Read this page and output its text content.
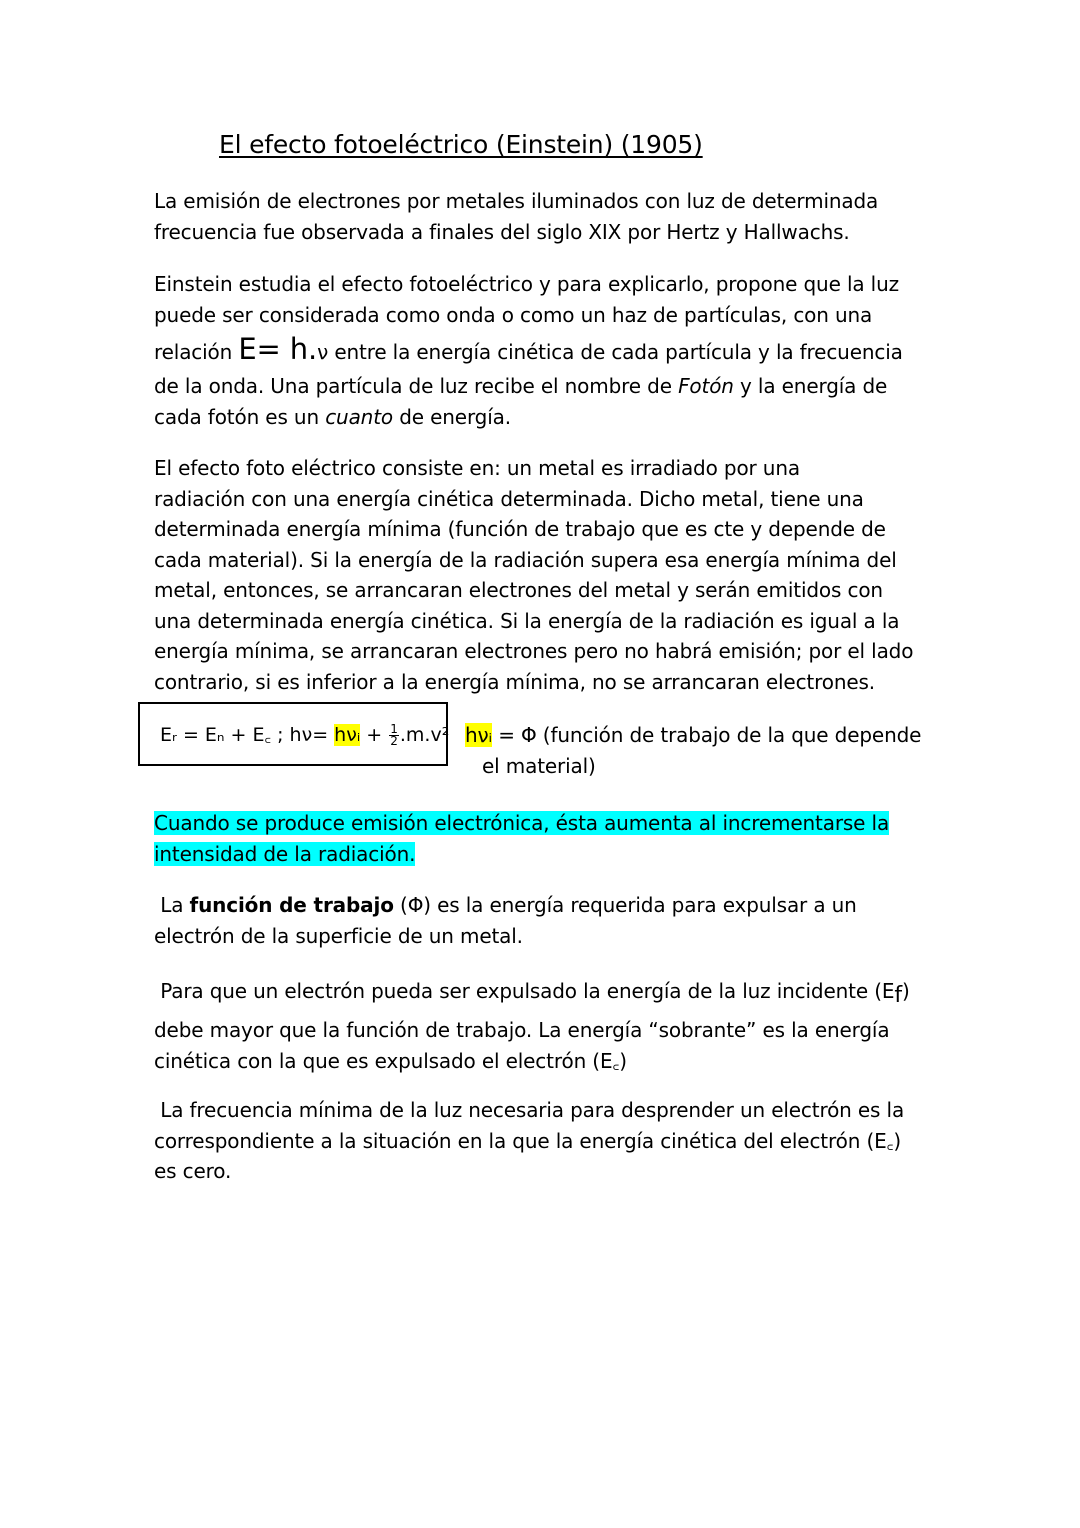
El efecto fotoeléctrico (Einstein) (1905)
La emisión de electrones por metales iluminados con luz de determinada
frecuencia fue observada a finales del siglo XIX por Hertz y Hallwachs.
Einstein estudia el efecto fotoeléctrico y para explicarlo, propone que la luz
puede ser considerada como onda o como un haz de partículas, con una
relación E= h.ν entre la energía cinética de cada partícula y la frecuencia
de la onda. Una partícula de luz recibe el nombre de Fotón y la energía de
cada fotón es un cuanto de energía.
El efecto foto eléctrico consiste en: un metal es irradiado por una
radiación con una energía cinética determinada. Dicho metal, tiene una
determinada energía mínima (función de trabajo que es cte y depende de
cada material). Si la energía de la radiación supera esa energía mínima del
metal, entonces, se arrancaran electrones del metal y serán emitidos con
una determinada energía cinética. Si la energía de la radiación es igual a la
energía mínima, se arrancaran electrones pero no habrá emisión; por el lado
contrario, si es inferior a la energía mínima, no se arrancaran electrones.
Eᵣ = Eₙ + E꜀ ; hν= hνᵢ + $\frac{1}{2} .m.v^2$ hνᵢ = Φ (función de trabajo de la que depende
el material)
Cuando se produce emisión electrónica, ésta aumenta al incrementarse la
intensidad de la radiación.
La función de trabajo (Φ) es la energía requerida para expulsar a un
electrón de la superficie de un metal.
Para que un electrón pueda ser expulsado la energía de la luz incidente (Ef)
debe mayor que la función de trabajo. La energía “sobrante” es la energía
cinética con la que es expulsado el electrón (E꜀)
La frecuencia mínima de la luz necesaria para desprender un electrón es la
correspondiente a la situación en la que la energía cinética del electrón (E꜀)
es cero.
